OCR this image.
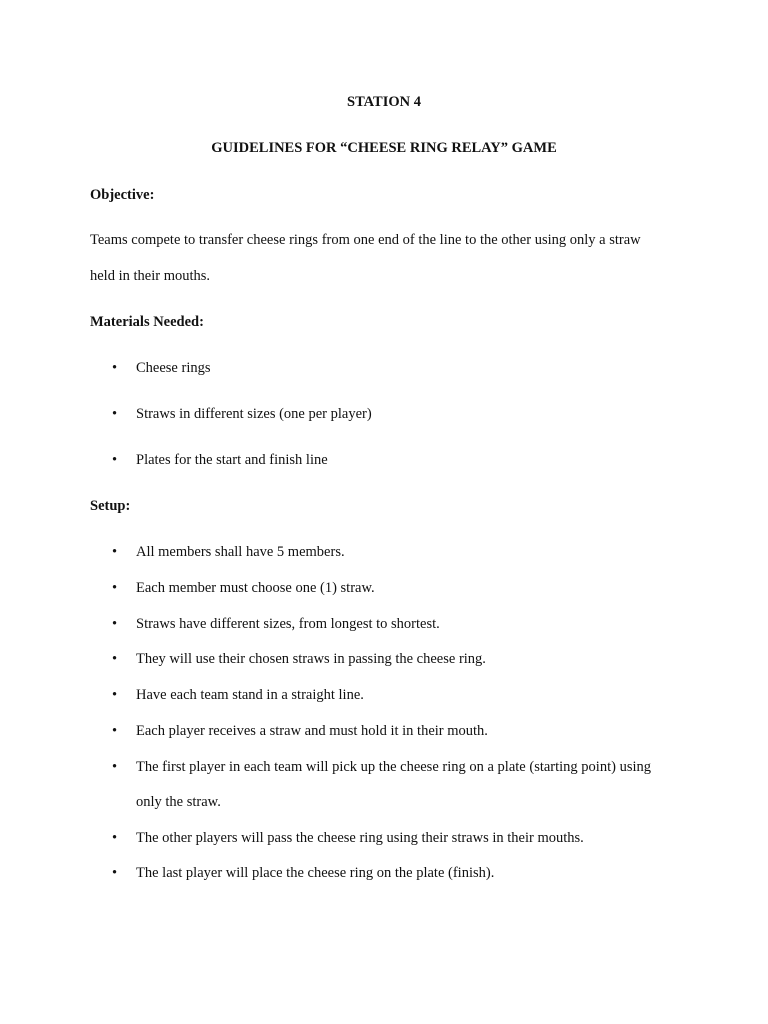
STATION 4
GUIDELINES FOR “CHEESE RING RELAY” GAME
Objective:
Teams compete to transfer cheese rings from one end of the line to the other using only a straw
held in their mouths.
Materials Needed:
• Cheese rings
• Straws in different sizes (one per player)
• Plates for the start and finish line
Setup:
• All members shall have 5 members.
• Each member must choose one (1) straw.
• Straws have different sizes, from longest to shortest.
• They will use their chosen straws in passing the cheese ring.
• Have each team stand in a straight line.
• Each player receives a straw and must hold it in their mouth.
• The first player in each team will pick up the cheese ring on a plate (starting point) using
only the straw.
• The other players will pass the cheese ring using their straws in their mouths.
• The last player will place the cheese ring on the plate (finish).
